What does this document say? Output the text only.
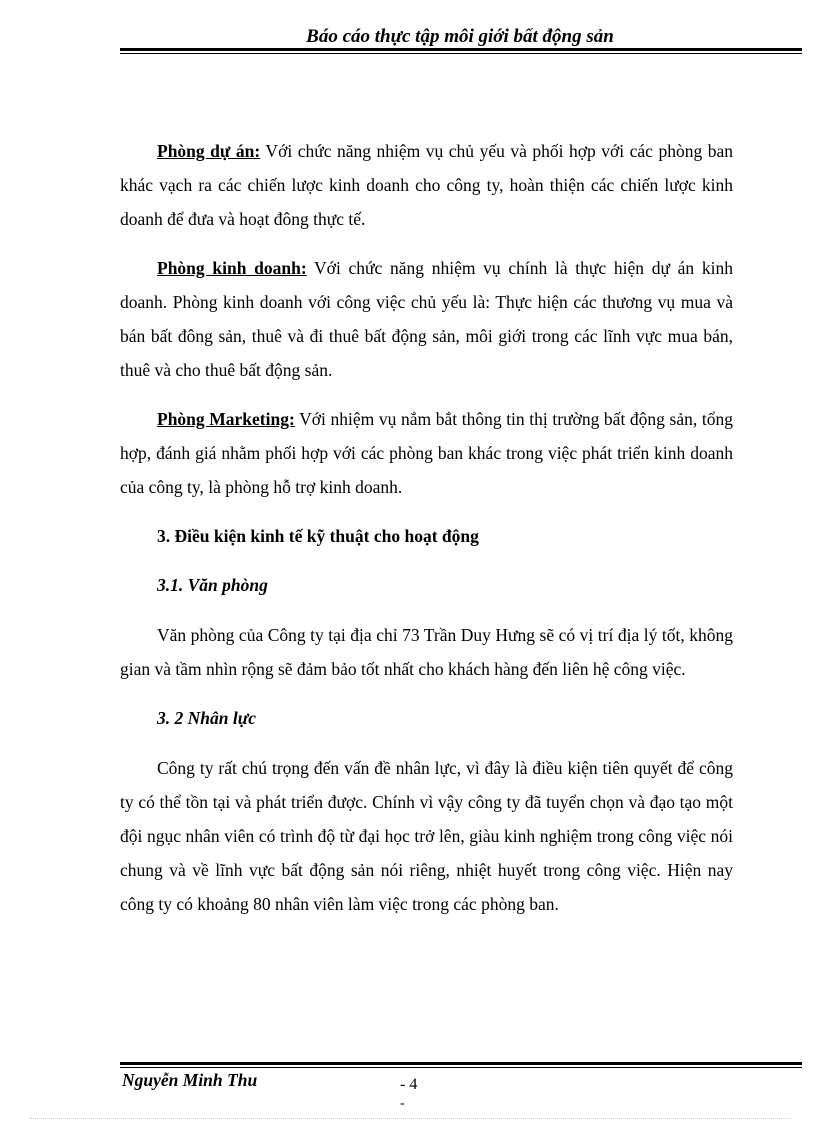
Báo cáo thực tập môi giới bất động sản

Phòng dự án: Với chức năng nhiệm vụ chủ yếu và phối hợp với các phòng ban khác vạch ra các chiến lược kinh doanh cho công ty, hoàn thiện các chiến lược kinh doanh để đưa và hoạt đông thực tế.

Phòng kinh doanh: Với chức năng nhiệm vụ chính là thực hiện dự án kinh doanh. Phòng kinh doanh với công việc chủ yếu là: Thực hiện các thương vụ mua và bán bất đông sản, thuê và đi thuê bất động sản, môi giới trong các lĩnh vực mua bán, thuê và cho thuê bất động sản.

Phòng Marketing: Với nhiệm vụ nắm bắt thông tin thị trường bất động sản, tổng hợp, đánh giá nhằm phối hợp với các phòng ban khác trong việc phát triển kinh doanh của công ty, là phòng hỗ trợ kinh doanh.

3. Điều kiện kinh tế kỹ thuật cho hoạt động
3.1. Văn phòng

Văn phòng của Công ty tại địa chỉ 73 Trần Duy Hưng sẽ có vị trí địa lý tốt, không gian và tầm nhìn rộng sẽ đảm bảo tốt nhất cho khách hàng đến liên hệ công việc.

3. 2 Nhân lực

Công ty rất chú trọng đến vấn đề nhân lực, vì đây là điều kiện tiên quyết để công ty có thể tồn tại và phát triển được. Chính vì vậy công ty đã tuyển chọn và đạo tạo một đội ngục nhân viên có trình độ từ đại học trở lên, giàu kinh nghiệm trong công việc nói chung và về lĩnh vực bất động sản nói riêng, nhiệt huyết trong công việc. Hiện nay công ty có khoảng 80 nhân viên làm việc trong các phòng ban.

Nguyễn Minh Thu	- 4
-
